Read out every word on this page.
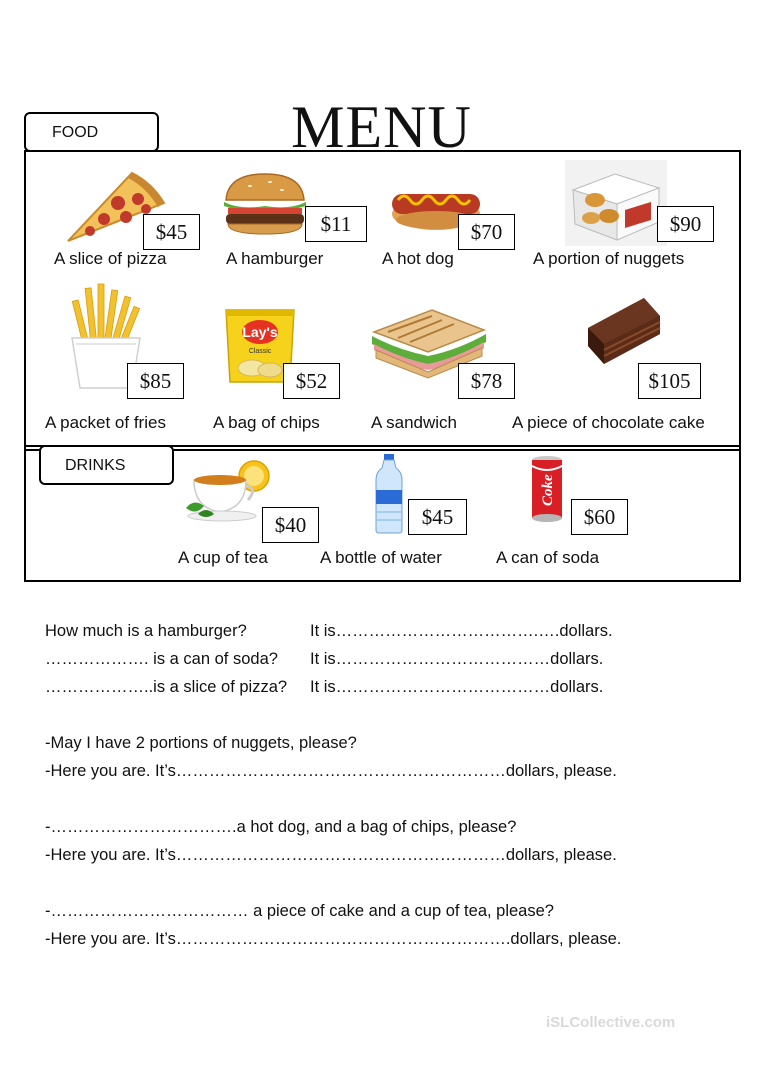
MENU
FOOD
DRINKS
$45
A slice of pizza
$11
A hamburger
$70
A hot dog
$90
A portion of nuggets
$85
A packet of fries
Lay's
Classic
$52
A bag of chips
$78
A sandwich
$105
A piece of chocolate cake
$40
A cup of tea
$45
A bottle of water
Coke
$60
A can of soda
How much is a hamburger?	It is……………………………….….dollars.
………………. is a can of soda? It is…………………………………dollars.
………………..is a slice of pizza? It is…………………………………dollars.
-May I have 2 portions of nuggets, please?
-Here you are. It’s……………………………………………………dollars, please.
-…………………………….a hot dog, and a bag of chips, please?
-Here you are. It’s……………………………………………………dollars, please.
-……………………………… a piece of cake and a cup of tea, please?
-Here you are. It’s…………………………………………………….dollars, please.
iSLCollective.com
